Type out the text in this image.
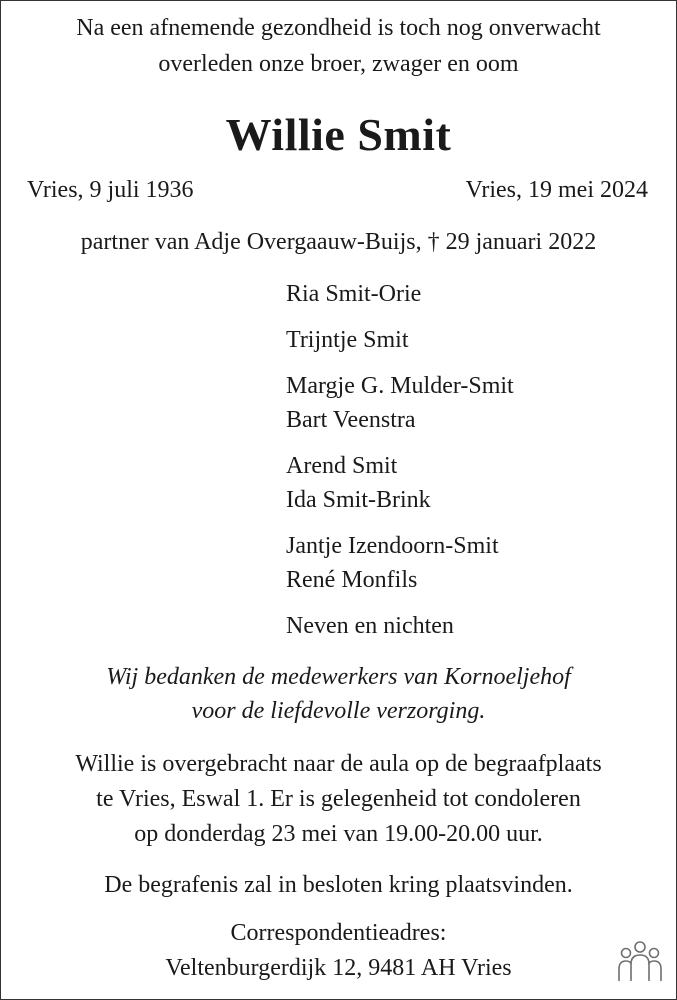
Na een afnemende gezondheid is toch nog onverwacht
overleden onze broer, zwager en oom
Willie Smit
Vries, 9 juli 1936	Vries, 19 mei 2024
partner van Adje Overgaauw-Buijs, † 29 januari 2022
Ria Smit-Orie
Trijntje Smit
Margje G. Mulder-Smit
Bart Veenstra
Arend Smit
Ida Smit-Brink
Jantje Izendoorn-Smit
René Monfils
Neven en nichten
Wij bedanken de medewerkers van Kornoeljehof
voor de liefdevolle verzorging.
Willie is overgebracht naar de aula op de begraafplaats
te Vries, Eswal 1. Er is gelegenheid tot condoleren
op donderdag 23 mei van 19.00-20.00 uur.
De begrafenis zal in besloten kring plaatsvinden.
Correspondentieadres:
Veltenburgerdijk 12, 9481 AH Vries
